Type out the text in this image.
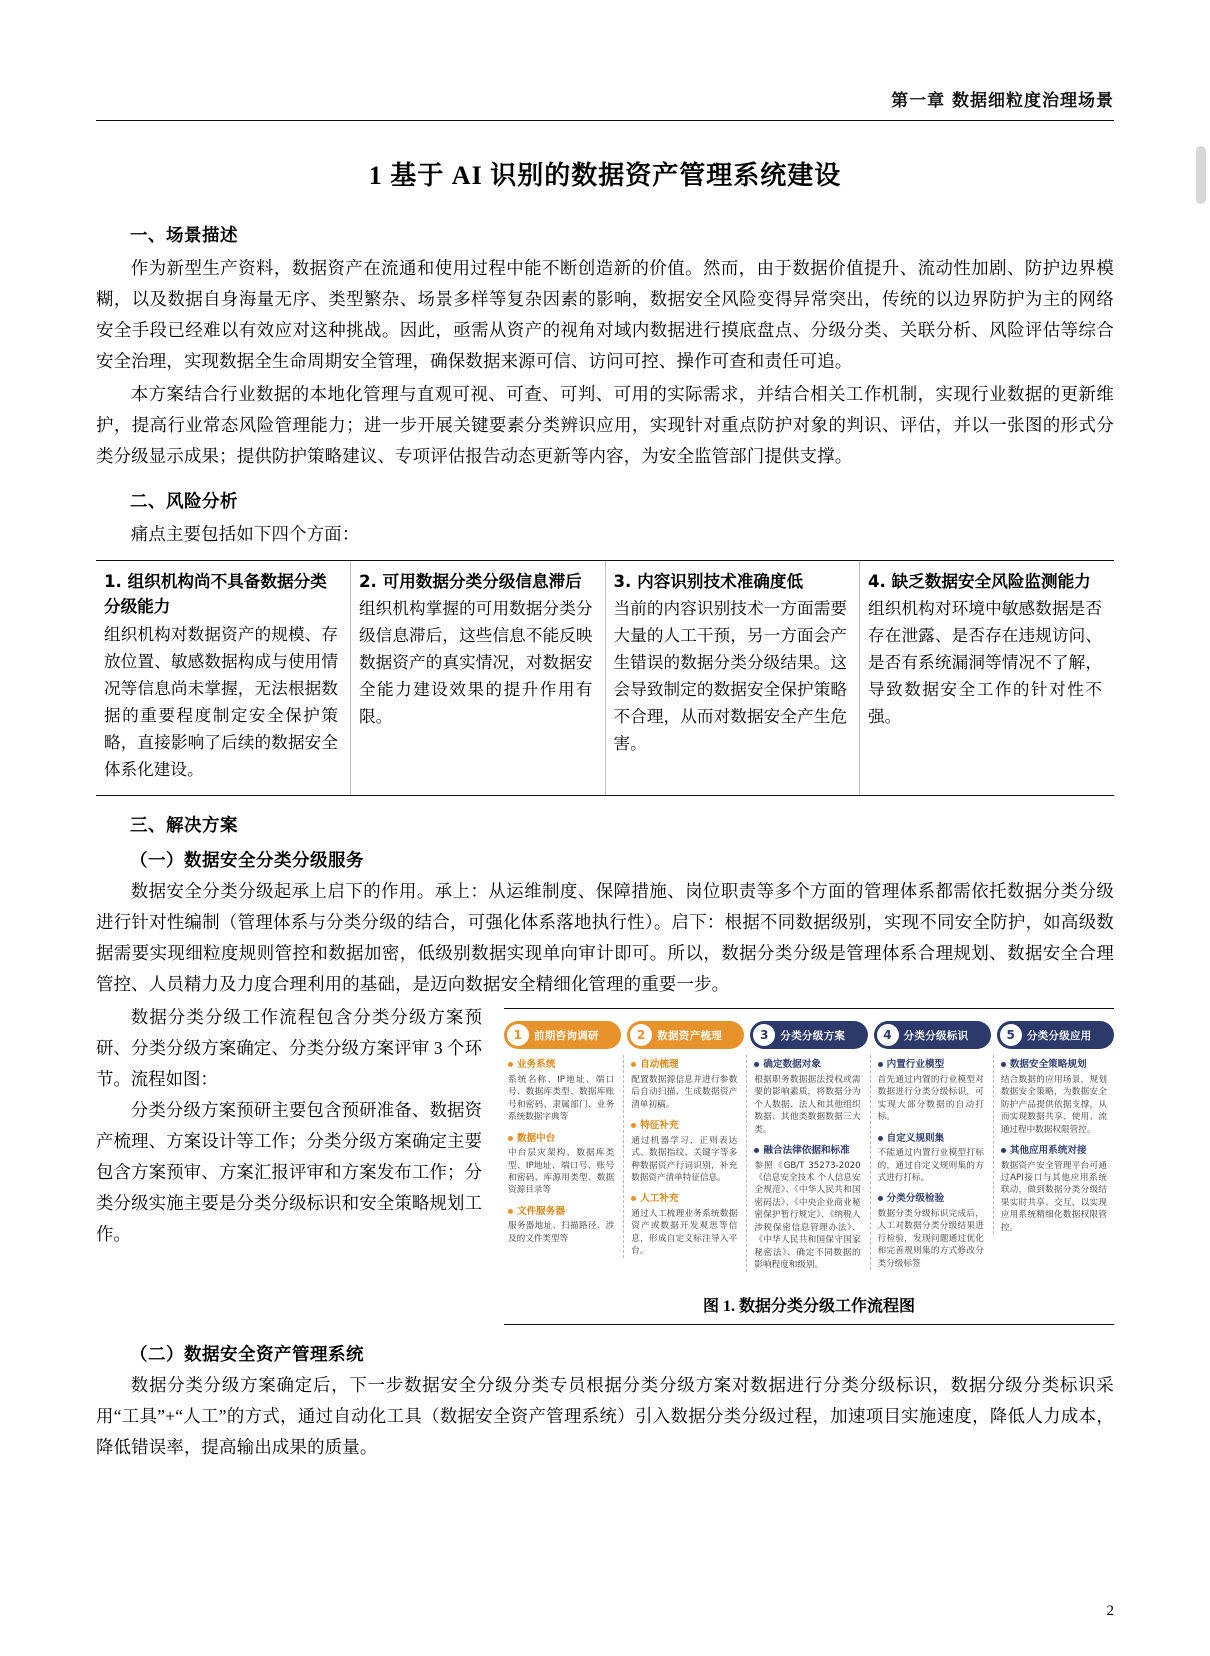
第一章 数据细粒度治理场景
1 基于 AI 识别的数据资产管理系统建设
一、场景描述

作为新型生产资料，数据资产在流通和使用过程中能不断创造新的价值。然而，由于数据价值提升、流动性加剧、防护边界模糊，以及数据自身海量无序、类型繁杂、场景多样等复杂因素的影响，数据安全风险变得异常突出，传统的以边界防护为主的网络安全手段已经难以有效应对这种挑战。因此，亟需从资产的视角对域内数据进行摸底盘点、分级分类、关联分析、风险评估等综合安全治理，实现数据全生命周期安全管理，确保数据来源可信、访问可控、操作可查和责任可追。

本方案结合行业数据的本地化管理与直观可视、可查、可判、可用的实际需求，并结合相关工作机制，实现行业数据的更新维护，提高行业常态风险管理能力；进一步开展关键要素分类辨识应用，实现针对重点防护对象的判识、评估，并以一张图的形式分类分级显示成果；提供防护策略建议、专项评估报告动态更新等内容，为安全监管部门提供支撑。

二、风险分析

痛点主要包括如下四个方面：

1. 组织机构尚不具备数据分类分级能力
组织机构对数据资产的规模、存放位置、敏感数据构成与使用情况等信息尚未掌握，无法根据数据的重要程度制定安全保护策略，直接影响了后续的数据安全体系化建设。

2. 可用数据分类分级信息滞后
组织机构掌握的可用数据分类分级信息滞后，这些信息不能反映数据资产的真实情况，对数据安全能力建设效果的提升作用有限。

3. 内容识别技术准确度低
当前的内容识别技术一方面需要大量的人工干预，另一方面会产生错误的数据分类分级结果。这会导致制定的数据安全保护策略不合理，从而对数据安全产生危害。

4. 缺乏数据安全风险监测能力
组织机构对环境中敏感数据是否存在泄露、是否存在违规访问、是否有系统漏洞等情况不了解，导致数据安全工作的针对性不强。
三、解决方案
（一）数据安全分类分级服务

数据安全分类分级起承上启下的作用。承上：从运维制度、保障措施、岗位职责等多个方面的管理体系都需依托数据分类分级进行针对性编制（管理体系与分类分级的结合，可强化体系落地执行性）。启下：根据不同数据级别，实现不同安全防护，如高级数据需要实现细粒度规则管控和数据加密，低级别数据实现单向审计即可。所以，数据分类分级是管理体系合理规划、数据安全合理管控、人员精力及力度合理利用的基础，是迈向数据安全精细化管理的重要一步。

1	前期咨询调研
业务系统
系统名称、IP地址、端口号、数据库类型、数据库账号和密码、隶属部门、业务系统数据字典等
数据中台
中台层灾架构、数据库类型、IP地址、端口号、账号和密码、库源用类型、数据资源目录等
文件服务器
服务器地址、扫描路径、涉及的文件类型等
2	数据资产梳理
自动梳理
配置数据源信息并进行参数后自动扫描、生成数据资产清单初稿。
特征补充
通过机器学习、正则表达式、数据指纹、关键字等多种数据资产行词识别，补充数据资产清单特征信息。
人工补充
通过人工梳理业务系统数据资产或数据开发观思等信息，形成自定义标注导入平台。
3	分类分级方案
确定数据对象
根据职务数据据法授权或需要的影响素质，将数据分为个人数据、法人和其他组织数据、其他类数据数据三大类。
融合法律依据和标准
参照《GB/T 35273-2020《信息安全技术 个人信息安全规范》、《中华人民共和国密码法》、《中央企业商业秘密保护暂行规定》、《纳税人涉税保密信息管理办法》、《中华人民共和国保守国家秘密法》、确定不同数据的影响程度和级别。
4	分类分级标识
内置行业模型
首先通过内置的行业模型对数据进行分类分级标识，可实现大部分数据的自动打标。
自定义规则集
不能通过内置行业模型打标的，通过自定义规则集的方式进行打标。
分类分级检验
数据分类分级标识完成后，人工对数据分类分级结果进行检验，发现问题通过优化和完善规则集的方式修改分类分级标签
5	分类分级应用
数据安全策略规划
结合数据的应用场景，规划数据安全策略，为数据安全防护产品提供依据支撑，从而实现数据共享、使用、流通过程中数据权限管控。
其他应用系统对接
数据资产安全管理平台可通过API接口与其他应用系统联动，做到数据分类分级结果实时共享、交互，以实现应用系统精细化数据权限管控。
图 1. 数据分类分级工作流程图

数据分类分级工作流程包含分类分级方案预研、分类分级方案确定、分类分级方案评审 3 个环节。流程如图：

分类分级方案预研主要包含预研准备、数据资产梳理、方案设计等工作；分类分级方案确定主要包含方案预审、方案汇报评审和方案发布工作；分类分级实施主要是分类分级标识和安全策略规划工作。

（二）数据安全资产管理系统

数据分类分级方案确定后，下一步数据安全分级分类专员根据分类分级方案对数据进行分类分级标识，数据分级分类标识采用“工具”+“人工”的方式，通过自动化工具（数据安全资产管理系统）引入数据分类分级过程，加速项目实施速度，降低人力成本，降低错误率，提高输出成果的质量。

2
